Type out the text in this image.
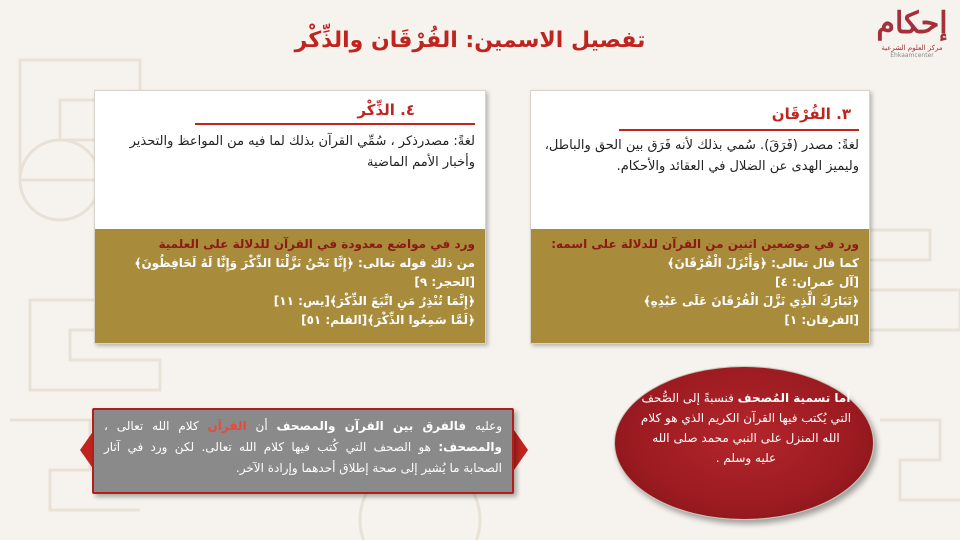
إحكام
مركز العلوم الشرعية
Ehkaamcenter
تفصيل الاسمين: الفُرْقَان والذِّكْر
٣. الفُرْقَان
لغةً: مصدر (فَرَقَ). سُمي بذلك لأنه فَرَق بين الحق والباطل، وليميز الهدى عن الضلال في العقائد والأحكام.
ورد في موضعين اثنين من القرآن للدلالة على اسمه:
كما قال تعالى: ﴿وَأَنْزَلَ الْفُرْقَانَ﴾
[آل عمران: ٤]
﴿تَبَارَكَ الَّذِي نَزَّلَ الْفُرْقَانَ عَلَى عَبْدِهِ﴾
[الفرقان: ١]
٤. الذِّكْر
لغةً: مصدرذكر ، سُمِّي القرآن بذلك لما فيه من المواعظ والتحذير وأخبار الأمم الماضية
ورد في مواضع معدودة في القرآن للدلالة على العلمية
من ذلك قوله تعالى: ﴿إِنَّا نَحْنُ نَزَّلْنَا الذِّكْرَ وَإِنَّا لَهُ لَحَافِظُونَ﴾
[الحجر: ٩]
﴿إِنَّمَا تُنْذِرُ مَنِ اتَّبَعَ الذِّكْرَ﴾[يس: ١١]
﴿لَمَّا سَمِعُوا الذِّكْرَ﴾[القلم: ٥١]
وعليه فالفرق بين القرآن والمصحف أن القرآن كلام الله تعالى ، والمصحف: هو الصحف التي كُتب فيها كلام الله تعالى. لكن ورد في آثار الصحابة ما يُشير إلى صحة إطلاق أحدهما وإرادة الآخر.
أما تسمية المُصحف فنسبةً إلى الصُّحف التي يُكتب فيها القرآن الكريم الذي هو كلام الله المنزل على النبي محمد صلى الله عليه وسلم .
